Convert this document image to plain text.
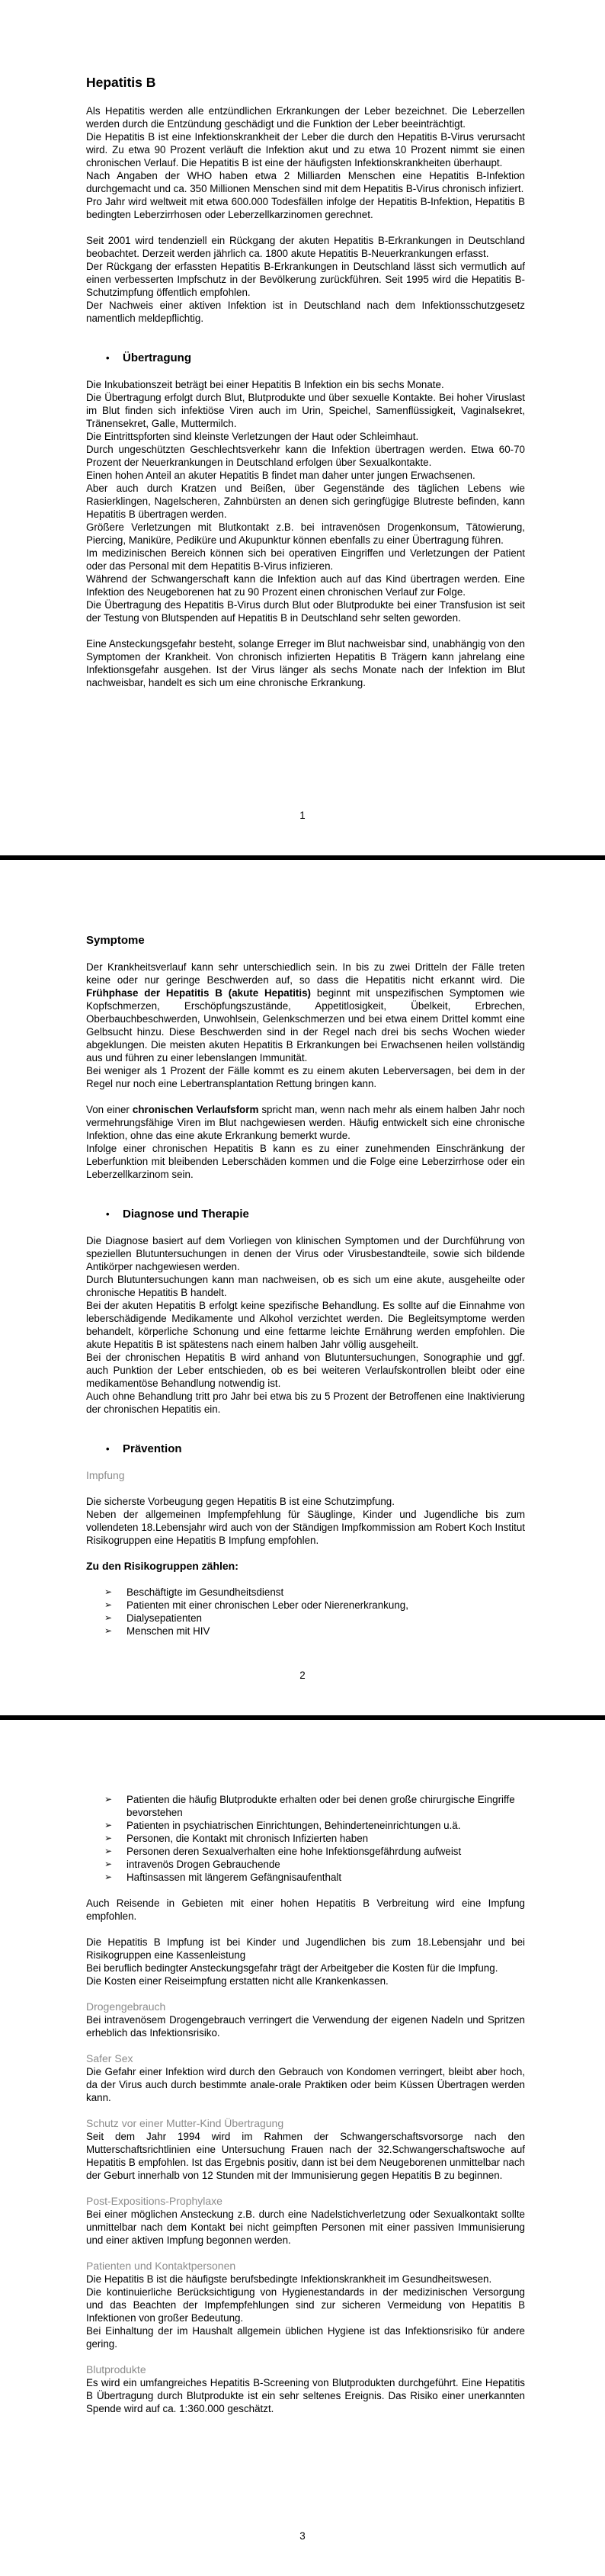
Hepatitis B

Als Hepatitis werden alle entzündlichen Erkrankungen der Leber bezeichnet. Die Leberzellen werden durch die Entzündung geschädigt und die Funktion der Leber beeinträchtigt.

Die Hepatitis B ist eine Infektionskrankheit der Leber die durch den Hepatitis B-Virus verursacht wird. Zu etwa 90 Prozent verläuft die Infektion akut und zu etwa 10 Prozent nimmt sie einen chronischen Verlauf. Die Hepatitis B ist eine der häufigsten Infektionskrankheiten überhaupt.

Nach Angaben der WHO haben etwa 2 Milliarden Menschen eine Hepatitis B-Infektion durchgemacht und ca. 350 Millionen Menschen sind mit dem Hepatitis B-Virus chronisch infiziert.

Pro Jahr wird weltweit mit etwa 600.000 Todesfällen infolge der Hepatitis B-Infektion, Hepatitis B bedingten Leberzirrhosen oder Leberzellkarzinomen gerechnet.

Seit 2001 wird tendenziell ein Rückgang der akuten Hepatitis B-Erkrankungen in Deutschland beobachtet. Derzeit werden jährlich ca. 1800 akute Hepatitis B-Neuerkrankungen erfasst.

Der Rückgang der erfassten Hepatitis B-Erkrankungen in Deutschland lässt sich vermutlich auf einen verbesserten Impfschutz in der Bevölkerung zurückführen. Seit 1995 wird die Hepatitis B-Schutzimpfung öffentlich empfohlen.

Der Nachweis einer aktiven Infektion ist in Deutschland nach dem Infektionsschutzgesetz namentlich meldepflichtig.

• Übertragung

Die Inkubationszeit beträgt bei einer Hepatitis B Infektion ein bis sechs Monate.

Die Übertragung erfolgt durch Blut, Blutprodukte und über sexuelle Kontakte. Bei hoher Viruslast im Blut finden sich infektiöse Viren auch im Urin, Speichel, Samenflüssigkeit, Vaginalsekret, Tränensekret, Galle, Muttermilch.

Die Eintrittspforten sind kleinste Verletzungen der Haut oder Schleimhaut.

Durch ungeschützten Geschlechtsverkehr kann die Infektion übertragen werden. Etwa 60-70 Prozent der Neuerkrankungen in Deutschland erfolgen über Sexualkontakte.

Einen hohen Anteil an akuter Hepatitis B findet man daher unter jungen Erwachsenen.

Aber auch durch Kratzen und Beißen, über Gegenstände des täglichen Lebens wie Rasierklingen, Nagelscheren, Zahnbürsten an denen sich geringfügige Blutreste befinden, kann Hepatitis B übertragen werden.

Größere Verletzungen mit Blutkontakt z.B. bei intravenösen Drogenkonsum, Tätowierung, Piercing, Maniküre, Pediküre und Akupunktur können ebenfalls zu einer Übertragung führen.

Im medizinischen Bereich können sich bei operativen Eingriffen und Verletzungen der Patient oder das Personal mit dem Hepatitis B-Virus infizieren.

Während der Schwangerschaft kann die Infektion auch auf das Kind übertragen werden. Eine Infektion des Neugeborenen hat zu 90 Prozent einen chronischen Verlauf zur Folge.

Die Übertragung des Hepatitis B-Virus durch Blut oder Blutprodukte bei einer Transfusion ist seit der Testung von Blutspenden auf Hepatitis B in Deutschland sehr selten geworden.

Eine Ansteckungsgefahr besteht, solange Erreger im Blut nachweisbar sind, unabhängig von den Symptomen der Krankheit. Von chronisch infizierten Hepatitis B Trägern kann jahrelang eine Infektionsgefahr ausgehen. Ist der Virus länger als sechs Monate nach der Infektion im Blut nachweisbar, handelt es sich um eine chronische Erkrankung.

1
Symptome

Der Krankheitsverlauf kann sehr unterschiedlich sein. In bis zu zwei Dritteln der Fälle treten keine oder nur geringe Beschwerden auf, so dass die Hepatitis nicht erkannt wird. Die Frühphase der Hepatitis B (akute Hepatitis) beginnt mit unspezifischen Symptomen wie Kopfschmerzen, Erschöpfungszustände, Appetitlosigkeit, Übelkeit, Erbrechen, Oberbauchbeschwerden, Unwohlsein, Gelenkschmerzen und bei etwa einem Drittel kommt eine Gelbsucht hinzu. Diese Beschwerden sind in der Regel nach drei bis sechs Wochen wieder abgeklungen. Die meisten akuten Hepatitis B Erkrankungen bei Erwachsenen heilen vollständig aus und führen zu einer lebenslangen Immunität.

Bei weniger als 1 Prozent der Fälle kommt es zu einem akuten Leberversagen, bei dem in der Regel nur noch eine Lebertransplantation Rettung bringen kann.

Von einer chronischen Verlaufsform spricht man, wenn nach mehr als einem halben Jahr noch vermehrungsfähige Viren im Blut nachgewiesen werden. Häufig entwickelt sich eine chronische Infektion, ohne das eine akute Erkrankung bemerkt wurde.

Infolge einer chronischen Hepatitis B kann es zu einer zunehmenden Einschränkung der Leberfunktion mit bleibenden Leberschäden kommen und die Folge eine Leberzirrhose oder ein Leberzellkarzinom sein.

• Diagnose und Therapie

Die Diagnose basiert auf dem Vorliegen von klinischen Symptomen und der Durchführung von speziellen Blutuntersuchungen in denen der Virus oder Virusbestandteile, sowie sich bildende Antikörper nachgewiesen werden.

Durch Blutuntersuchungen kann man nachweisen, ob es sich um eine akute, ausgeheilte oder chronische Hepatitis B handelt.

Bei der akuten Hepatitis B erfolgt keine spezifische Behandlung. Es sollte auf die Einnahme von leberschädigende Medikamente und Alkohol verzichtet werden. Die Begleitsymptome werden behandelt, körperliche Schonung und eine fettarme leichte Ernährung werden empfohlen. Die akute Hepatitis B ist spätestens nach einem halben Jahr völlig ausgeheilt.

Bei der chronischen Hepatitis B wird anhand von Blutuntersuchungen, Sonographie und ggf. auch Punktion der Leber entschieden, ob es bei weiteren Verlaufskontrollen bleibt oder eine medikamentöse Behandlung notwendig ist.

Auch ohne Behandlung tritt pro Jahr bei etwa bis zu 5 Prozent der Betroffenen eine Inaktivierung der chronischen Hepatitis ein.

• Prävention
Impfung

Die sicherste Vorbeugung gegen Hepatitis B ist eine Schutzimpfung.

Neben der allgemeinen Impfempfehlung für Säuglinge, Kinder und Jugendliche bis zum vollendeten 18.Lebensjahr wird auch von der Ständigen Impfkommission am Robert Koch Institut Risikogruppen eine Hepatitis B Impfung empfohlen.

Zu den Risikogruppen zählen:
➢ Beschäftigte im Gesundheitsdienst
➢ Patienten mit einer chronischen Leber oder Nierenerkrankung,
➢ Dialysepatienten
➢ Menschen mit HIV
2
➢ Patienten die häufig Blutprodukte erhalten oder bei denen große chirurgische Eingriffe bevorstehen
➢ Patienten in psychiatrischen Einrichtungen, Behinderteneinrichtungen u.ä.
➢ Personen, die Kontakt mit chronisch Infizierten haben
➢ Personen deren Sexualverhalten eine hohe Infektionsgefährdung aufweist
➢ intravenös Drogen Gebrauchende
➢ Haftinsassen mit längerem Gefängnisaufenthalt

Auch Reisende in Gebieten mit einer hohen Hepatitis B Verbreitung wird eine Impfung empfohlen.

Die Hepatitis B Impfung ist bei Kinder und Jugendlichen bis zum 18.Lebensjahr und bei Risikogruppen eine Kassenleistung

Bei beruflich bedingter Ansteckungsgefahr trägt der Arbeitgeber die Kosten für die Impfung.

Die Kosten einer Reiseimpfung erstatten nicht alle Krankenkassen.

Drogengebrauch

Bei intravenösem Drogengebrauch verringert die Verwendung der eigenen Nadeln und Spritzen erheblich das Infektionsrisiko.

Safer Sex

Die Gefahr einer Infektion wird durch den Gebrauch von Kondomen verringert, bleibt aber hoch, da der Virus auch durch bestimmte anale-orale Praktiken oder beim Küssen Übertragen werden kann.

Schutz vor einer Mutter-Kind Übertragung

Seit dem Jahr 1994 wird im Rahmen der Schwangerschaftsvorsorge nach den Mutterschaftsrichtlinien eine Untersuchung Frauen nach der 32.Schwangerschaftswoche auf Hepatitis B empfohlen. Ist das Ergebnis positiv, dann ist bei dem Neugeborenen unmittelbar nach der Geburt innerhalb von 12 Stunden mit der Immunisierung gegen Hepatitis B zu beginnen.

Post-Expositions-Prophylaxe

Bei einer möglichen Ansteckung z.B. durch eine Nadelstichverletzung oder Sexualkontakt sollte unmittelbar nach dem Kontakt bei nicht geimpften Personen mit einer passiven Immunisierung und einer aktiven Impfung begonnen werden.

Patienten und Kontaktpersonen

Die Hepatitis B ist die häufigste berufsbedingte Infektionskrankheit im Gesundheitswesen.

Die kontinuierliche Berücksichtigung von Hygienestandards in der medizinischen Versorgung und das Beachten der Impfempfehlungen sind zur sicheren Vermeidung von Hepatitis B Infektionen von großer Bedeutung.

Bei Einhaltung der im Haushalt allgemein üblichen Hygiene ist das Infektionsrisiko für andere gering.

Blutprodukte

Es wird ein umfangreiches Hepatitis B-Screening von Blutprodukten durchgeführt. Eine Hepatitis B Übertragung durch Blutprodukte ist ein sehr seltenes Ereignis. Das Risiko einer unerkannten Spende wird auf ca. 1:360.000 geschätzt.

3
